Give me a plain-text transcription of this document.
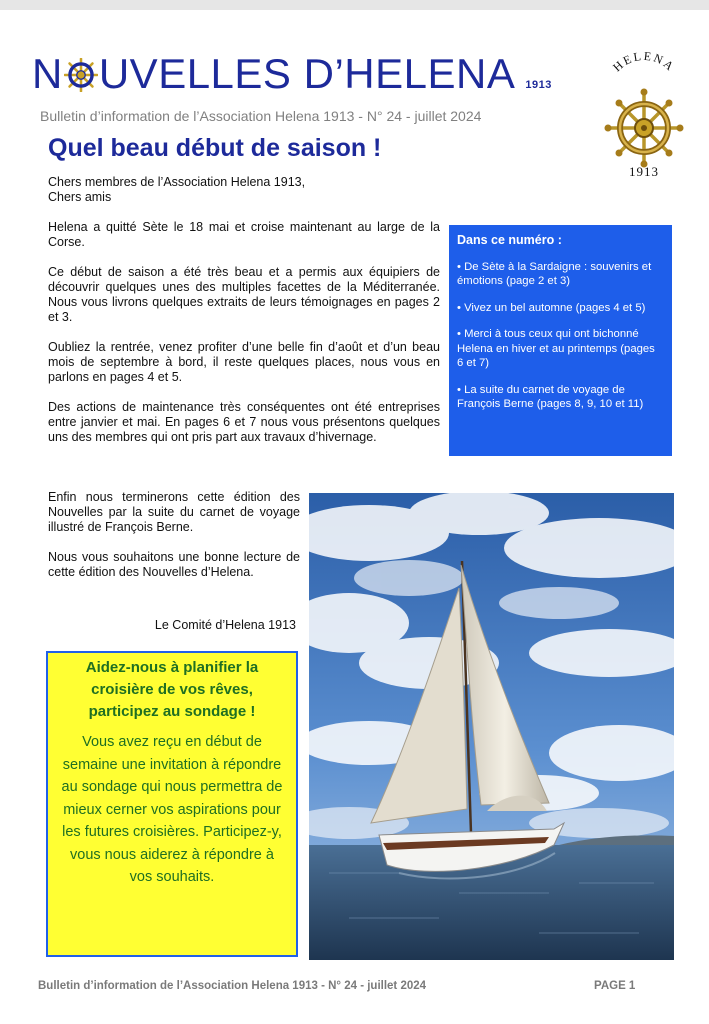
N UVELLES D’HELENA 1913
Bulletin d’information de l’Association Helena 1913 - N° 24 - juillet 2024
HELENA
1913
Quel beau début de saison !

Chers membres de l’Association Helena 1913,
Chers amis

Helena a quitté Sète le 18 mai et croise maintenant au large de la Corse.

Ce début de saison a été très beau et a permis aux équipiers de découvrir quelques unes des multiples facettes de la Méditerranée. Nous vous livrons quelques extraits de leurs témoignages en pages 2 et 3.

Oubliez la rentrée, venez profiter d’une belle fin d’août et d’un beau mois de septembre à bord, il reste quelques places, nous vous en parlons en pages 4 et 5.

Des actions de maintenance très conséquentes ont été entreprises entre janvier et mai. En pages 6 et 7 nous vous présentons quelques uns des membres qui ont pris part aux travaux d’hivernage.

Enfin nous terminerons cette édition des Nouvelles par la suite du carnet de voyage illustré de François Berne.

Nous vous souhaitons une bonne lecture de cette édition des Nouvelles d’Helena.

Le Comité d’Helena 1913
Dans ce numéro :
• De Sète à la Sardaigne : souvenirs et émotions (page 2 et 3)
• Vivez un bel automne (pages 4 et 5)
• Merci à tous ceux qui ont bichonné Helena en hiver et au printemps (pages 6 et 7)
• La suite du carnet de voyage de François Berne (pages 8, 9, 10 et 11)

Aidez-nous à planifier la croisière de vos rêves, participez au sondage !

Vous avez reçu en début de semaine une invitation à répondre au sondage qui nous permettra de mieux cerner vos aspirations pour les futures croisières. Participez-y, vous nous aiderez à répondre à vos souhaits.

Bulletin d’information de l’Association Helena 1913 - N° 24 - juillet 2024	PAGE 1
